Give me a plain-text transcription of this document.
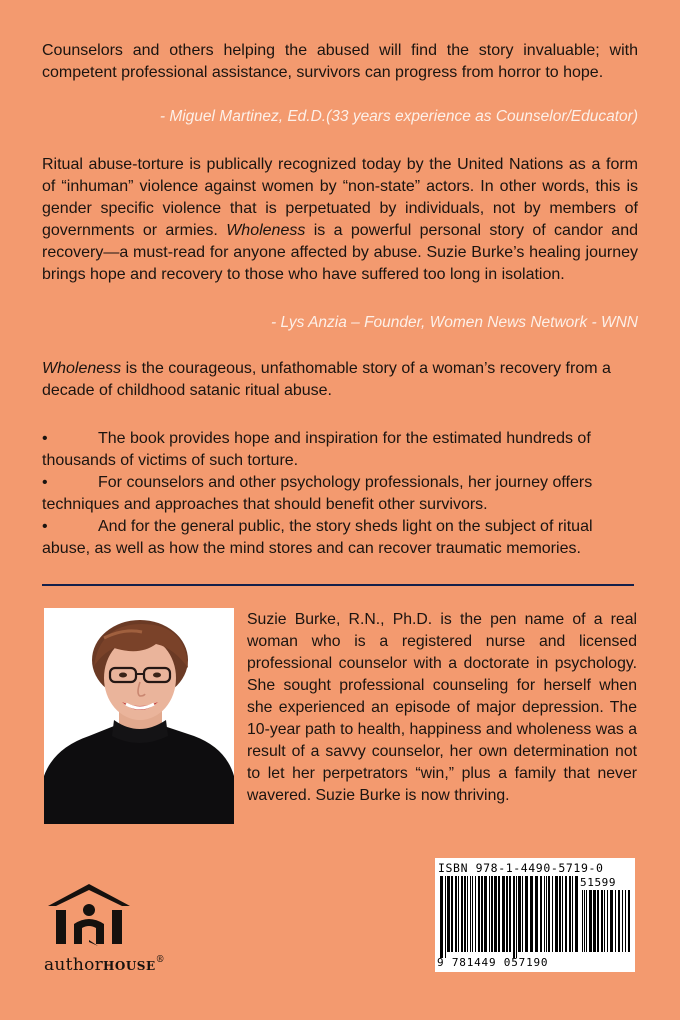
Counselors and others helping the abused will find the story invaluable; with competent professional assistance, survivors can progress from horror to hope.

- Miguel Martinez, Ed.D.(33 years experience as Counselor/Educator)

Ritual abuse-torture is publically recognized today by the United Nations as a form of “inhuman” violence against women by “non-state” actors. In other words, this is gender specific violence that is perpetuated by individuals, not by members of governments or armies. Wholeness is a powerful personal story of candor and recovery—a must-read for anyone affected by abuse. Suzie Burke’s healing journey brings hope and recovery to those who have suffered too long in isolation.

- Lys Anzia – Founder, Women News Network - WNN

Wholeness is the courageous, unfathomable story of a woman’s recovery from a decade of childhood satanic ritual abuse.

•	The book provides hope and inspiration for the estimated hundreds of thousands of victims of such torture.
•	For counselors and other psychology professionals, her journey offers techniques and approaches that should benefit other survivors.
•	And for the general public, the story sheds light on the subject of ritual abuse, as well as how the mind stores and can recover traumatic memories.

Suzie Burke, R.N., Ph.D. is the pen name of a real woman who is a registered nurse and licensed professional counselor with a doctorate in psychology. She sought professional counseling for herself when she experienced an episode of major depression. The 10-year path to health, happiness and wholeness was a result of a savvy counselor, her own determination not to let her perpetrators “win,” plus a family that never wavered. Suzie Burke is now thriving.

authorHOUSE®
ISBN 978-1-4490-5719-0
51599
9 781449 057190
